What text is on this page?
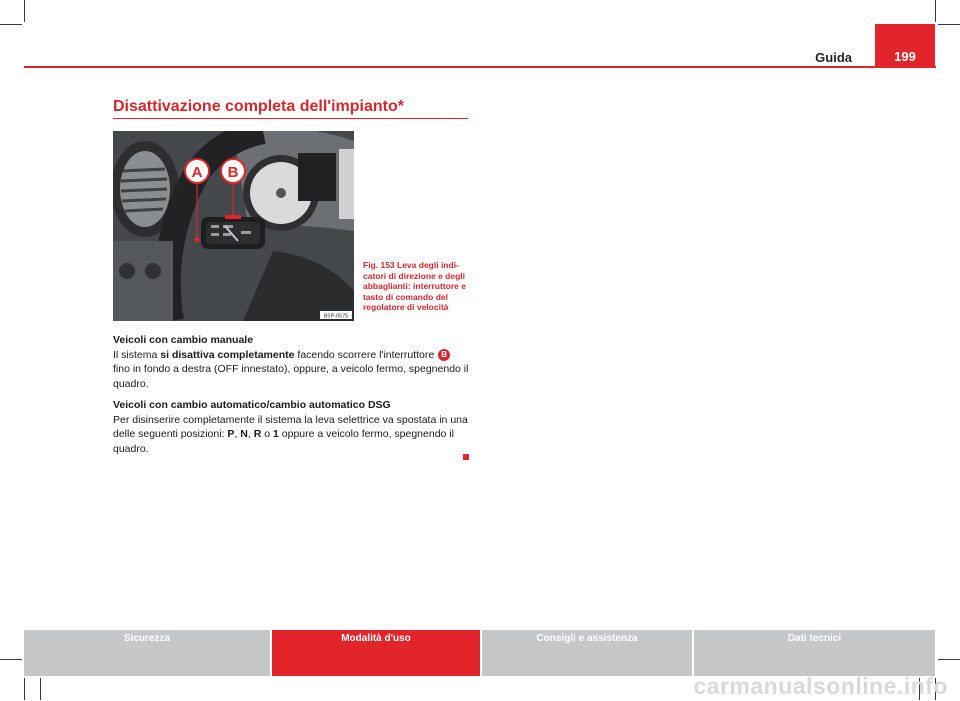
Guida	199
Disattivazione completa dell'impianto*
A B
B5P-0575
Fig. 153 Leva degli indi-catori di direzione e degli abbaglianti: interruttore e tasto di comando del regolatore di velocità

Veicoli con cambio manuale
Il sistema si disattiva completamente facendo scorrere l'interruttore B fino in fondo a destra (OFF innestato), oppure, a veicolo fermo, spegnendo il quadro.

Veicoli con cambio automatico/cambio automatico DSG
Per disinserire completamente il sistema la leva selettrice va spostata in una delle seguenti posizioni: P, N, R o 1 oppure a veicolo fermo, spegnendo il quadro.

Sicurezza	Modalità d'uso	Consigli e assistenza	Dati tecnici
carmanualsonline.info
